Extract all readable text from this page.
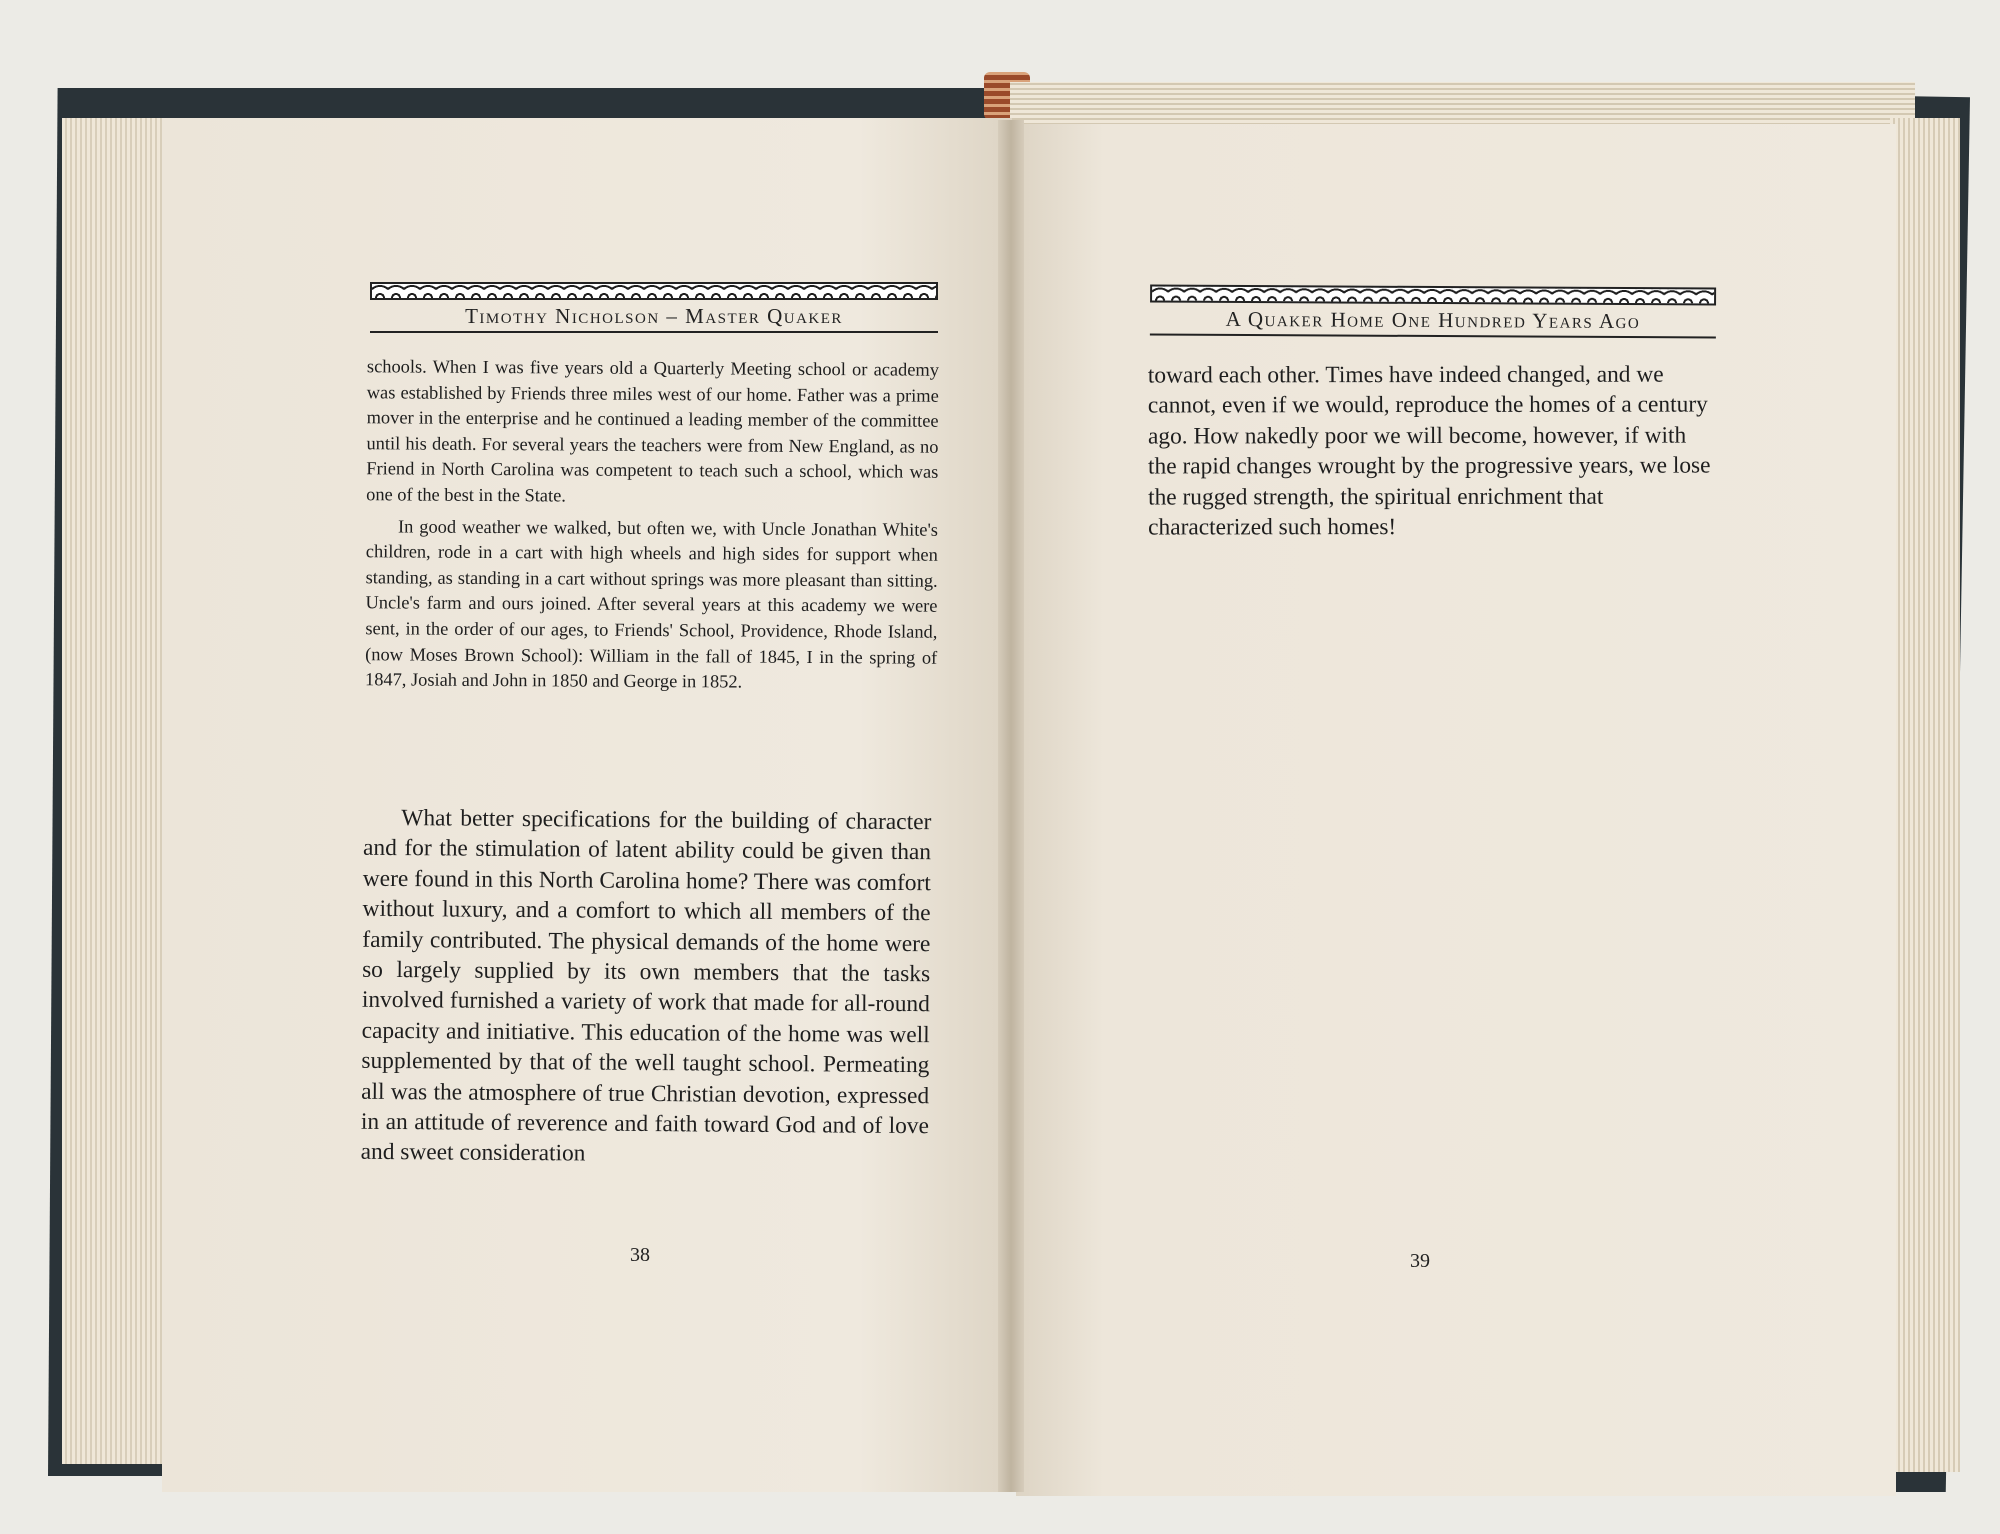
Timothy Nicholson – Master Quaker

schools. When I was five years old a Quarterly Meeting school or academy was established by Friends three miles west of our home. Father was a prime mover in the enterprise and he continued a leading member of the committee until his death. For several years the teachers were from New England, as no Friend in North Carolina was competent to teach such a school, which was one of the best in the State.

In good weather we walked, but often we, with Uncle Jonathan White's children, rode in a cart with high wheels and high sides for support when standing, as standing in a cart without springs was more pleasant than sitting. Uncle's farm and ours joined. After several years at this academy we were sent, in the order of our ages, to Friends' School, Providence, Rhode Island, (now Moses Brown School): William in the fall of 1845, I in the spring of 1847, Josiah and John in 1850 and George in 1852.

What better specifications for the building of character and for the stimulation of latent ability could be given than were found in this North Carolina home? There was comfort without luxury, and a comfort to which all members of the family contributed. The physical demands of the home were so largely supplied by its own members that the tasks involved furnished a variety of work that made for all-round capacity and initiative. This education of the home was well supplemented by that of the well taught school. Permeating all was the atmosphere of true Christian devotion, expressed in an attitude of reverence and faith toward God and of love and sweet consideration

38
A Quaker Home One Hundred Years Ago

toward each other. Times have indeed changed, and we cannot, even if we would, reproduce the homes of a century ago. How nakedly poor we will become, however, if with the rapid changes wrought by the progressive years, we lose the rugged strength, the spiritual enrichment that characterized such homes!

39
